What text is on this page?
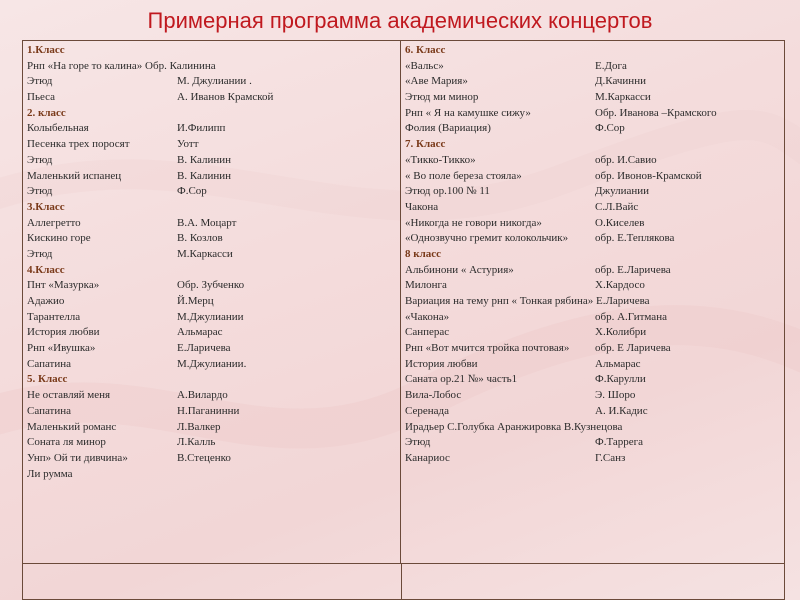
Примерная программа академических концертов
1.Класс
Рнп «На горе то калина» Обр. Калинина
Этюд	М. Джулиании .
Пьеса	А. Иванов Крамской
2. класс
Колыбельная	И.Филипп
Песенка трех поросят	Уотт
Этюд	В. Калинин
Маленький испанец	В. Калинин
Этюд	Ф.Сор
3.Класс
Аллегретто	В.А. Моцарт
Кискино горе	В. Козлов
Этюд	М.Каркасси
4.Класс
Пнт «Мазурка»	Обр. Зубченко
Адажио	Й.Мерц
Тарантелла	М.Джулиании
История любви	Альмарас
Рнп «Ивушка»	Е.Ларичева
Сапатина	М.Джулиании.
5. Класс
Не оставляй меня	А.Вилардо
Сапатина	Н.Паганинни
Маленький романс	Л.Валкер
Соната ля минор	Л.Калль
Унп» Ой ти дивчина»	В.Стеценко
Ли румма
6. Класс
«Вальс»	Е.Дога
«Аве Мария»	Д.Качинни
Этюд ми минор	М.Каркасси
Рнп « Я на камушке сижу»	Обр. Иванова –Крамского
Фолия (Вариация)	Ф.Сор
7. Класс
«Тикко-Тикко»	обр. И.Савио
« Во поле береза стояла»	обр. Ивонов-Крамской
Этюд ор.100 № 11	Джулиании
Чакона	С.Л.Вайс
«Никогда не говори никогда»	О.Киселев
«Однозвучно гремит колокольчик» обр. Е.Теплякова
8 класс
Альбинони « Астурия»	обр. Е.Ларичева
Милонга	Х.Кардосо
Вариация на тему рнп « Тонкая рябина» Е.Ларичева
«Чакона»	обр. А.Гитмана
Санперас	Х.Колибри
Рнп «Вот мчится тройка почтовая» обр. Е Ларичева
История любви	Альмарас
Саната ор.21 №» часть1	Ф.Карулли
Вила-Лобос	Э. Шоро
Серенада	А. И.Кадис
Ирадьер С.Голубка Аранжировка В.Кузнецова
Этюд	Ф.Таррега
Канариос	Г.Санз
